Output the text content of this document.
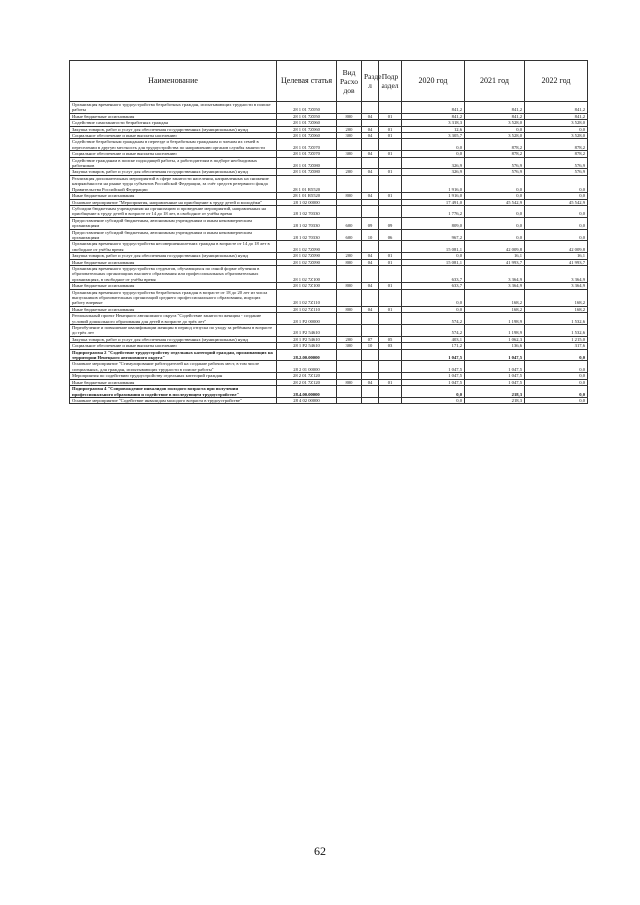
Наименование	Целевая статья	Вид Расхо дов	Разде л	Подр аздел	2020 год	2021 год	2022 год
Организация временного трудоустройства безработных граждан, испытывающих трудности в поиске работы	28 1 01 7Z050				841,2	841,2	841,2
Иные бюджетные ассигнования	28 1 01 7Z050	800	04	01	841,2	841,2	841,2
Содействие самозанятости безработных граждан	28 1 01 7Z060				3 318,3	3 528,0	3 528,0
Закупка товаров, работ и услуг для обеспечения государственных (муниципальных) нужд	28 1 01 7Z060	200	04	01	12,6	0,0	0,0
Социальное обеспечение и иные выплаты населению	28 1 01 7Z060	300	04	01	3 305,7	3 528,0	3 528,0
Содействие безработным гражданам в переезде и безработным гражданам и членам их семей в переселении в другую местность для трудоустройства по направлению органов службы занятости	28 1 01 7Z070				0,0	878,2	878,2
Социальное обеспечение и иные выплаты населению	28 1 01 7Z070	300	04	01	0,0	878,2	878,2
Содействие гражданам в поиске подходящей работы, а работодателям в подборе необходимых работников	28 1 01 7Z080				326,9	576,9	576,9
Закупка товаров, работ и услуг для обеспечения государственных (муниципальных) нужд	28 1 01 7Z080	200	04	01	326,9	576,9	576,9
Реализация дополнительных мероприятий в сфере занятости населения, направленных на снижение напряжённости на рынке труда субъектов Российской Федерации, за счёт средств резервного фонда Правительства Российской Федерации	28 1 01 R5520				1 916,0	0,0	0,0
Иные бюджетные ассигнования	28 1 01 R5520	800	04	01	1 916,0	0,0	0,0
Основное мероприятие "Мероприятия, направленные на приобщение к труду детей и молодёжи"	28 1 02 00000				17 491,0	45 542,9	45 542,9
Субсидии бюджетным учреждениям на организацию и проведение мероприятий, направленных на приобщение к труду детей в возрасте от 14 до 18 лет, в свободное от учёбы время	28 1 02 70330				1 776,2	0,0	0,0
Предоставление субсидий бюджетным, автономным учреждениям и иным некоммерческим организациям	28 1 02 70330	600	09	09	809,0	0,0	0,0
Предоставление субсидий бюджетным, автономным учреждениям и иным некоммерческим организациям	28 1 02 70330	600	10	06	967,2	0,0	0,0
Организация временного трудоустройства несовершеннолетних граждан в возрасте от 14 до 18 лет в свободное от учёбы время	28 1 02 7Z090				15 081,1	42 009,8	42 009,8
Закупка товаров, работ и услуг для обеспечения государственных (муниципальных) нужд	28 1 02 7Z090	200	04	01	0,0	16,1	16,1
Иные бюджетные ассигнования	28 1 02 7Z090	800	04	01	15 081,1	41 993,7	41 993,7
Организация временного трудоустройства студентов, обучающихся по очной форме обучения в образовательных организациях высшего образования или профессиональных образовательных организациях, в свободное от учёбы время	28 1 02 7Z100				633,7	3 364,9	3 364,9
Иные бюджетные ассигнования	28 1 02 7Z100	800	04	01	633,7	3 364,9	3 364,9
Организация временного трудоустройства безработных граждан в возрасте от 18 до 20 лет из числа выпускников образовательных организаций среднего профессионального образования, ищущих работу впервые	28 1 02 7Z110				0,0	168,2	168,2
Иные бюджетные ассигнования	28 1 02 7Z110	800	04	01	0,0	168,2	168,2
Региональный проект Ненецкого автономного округа "Содействие занятости женщин - создание условий дошкольного образования для детей в возрасте до трёх лет"	28 1 P2 00000				574,2	1 198,9	1 532,6
Переобучение и повышение квалификации женщин в период отпуска по уходу за ребёнком в возрасте до трёх лет	28 1 P2 54610				574,2	1 198,9	1 532,6
Закупка товаров, работ и услуг для обеспечения государственных (муниципальных) нужд	28 1 P2 54610	200	07	05	403,1	1 062,3	1 215,0
Социальное обеспечение и иные выплаты населению	28 1 P2 54610	300	10	03	171,2	136,6	317,6
Подпрограмма 2 "Содействие трудоустройству отдельных категорий граждан, проживающих на территории Ненецкого автономного округа"	28.2.00.00000				1 047,5	1 047,5	0,0
Основное мероприятие "Стимулирование работодателей на создание рабочих мест, в том числе специальных, для граждан, испытывающих трудности в поиске работы"	28 2 01 00000				1 047,5	1 047,5	0,0
Мероприятия по содействию трудоустройству отдельных категорий граждан	28 2 01 7Z120				1 047,5	1 047,5	0,0
Иные бюджетные ассигнования	28 2 01 7Z120	800	04	01	1 047,5	1 047,5	0,0
Подпрограмма 4 "Сопровождение инвалидов молодого возраста при получении профессионального образования и содействие в последующем трудоустройстве"	28.4.00.00000				0,0	218,3	0,0
Основное мероприятие "Содействие инвалидам молодого возраста в трудоустройстве"	28 4 02 00000				0,0	218,3	0,0
62
